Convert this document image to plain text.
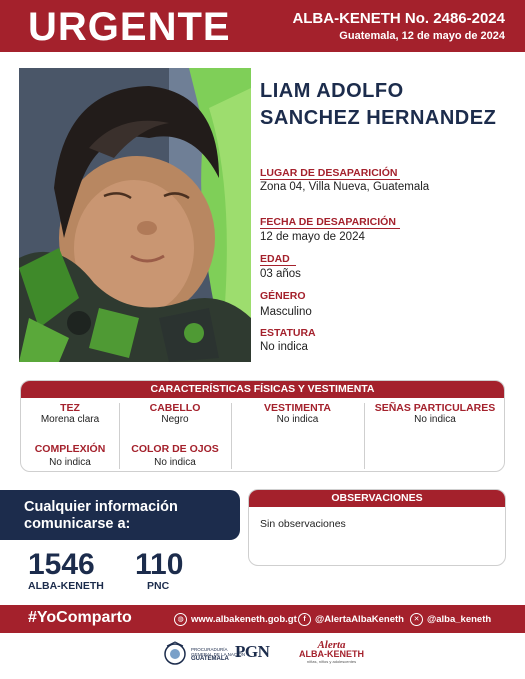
URGENTE	ALBA-KENETH No. 2486-2024
Guatemala, 12 de mayo de 2024
LIAM ADOLFO
SANCHEZ HERNANDEZ
LUGAR DE DESAPARICIÓN
Zona 04, Villa Nueva, Guatemala
FECHA DE DESAPARICIÓN
12 de mayo de 2024
EDAD
03 años
GÉNERO
Masculino
ESTATURA
No indica
CARACTERÍSTICAS FÍSICAS Y VESTIMENTA
TEZ
Morena clara
CABELLO
Negro
VESTIMENTA
No indica
SEÑAS PARTICULARES
No indica
COMPLEXIÓN
No indica
COLOR DE OJOS
No indica
Cualquier información
comunicarse a:
1546
ALBA-KENETH
110
PNC
OBSERVACIONES
Sin observaciones
#YoComparto	◍ www.albakeneth.gob.gt f @AlertaAlbaKeneth	✕ @alba_keneth
PROCURADURÍA GENERAL DE LA NACIÓN
GUATEMALA PGN	Alerta
ALBA-KENETH
niñas, niños y adolescentes
